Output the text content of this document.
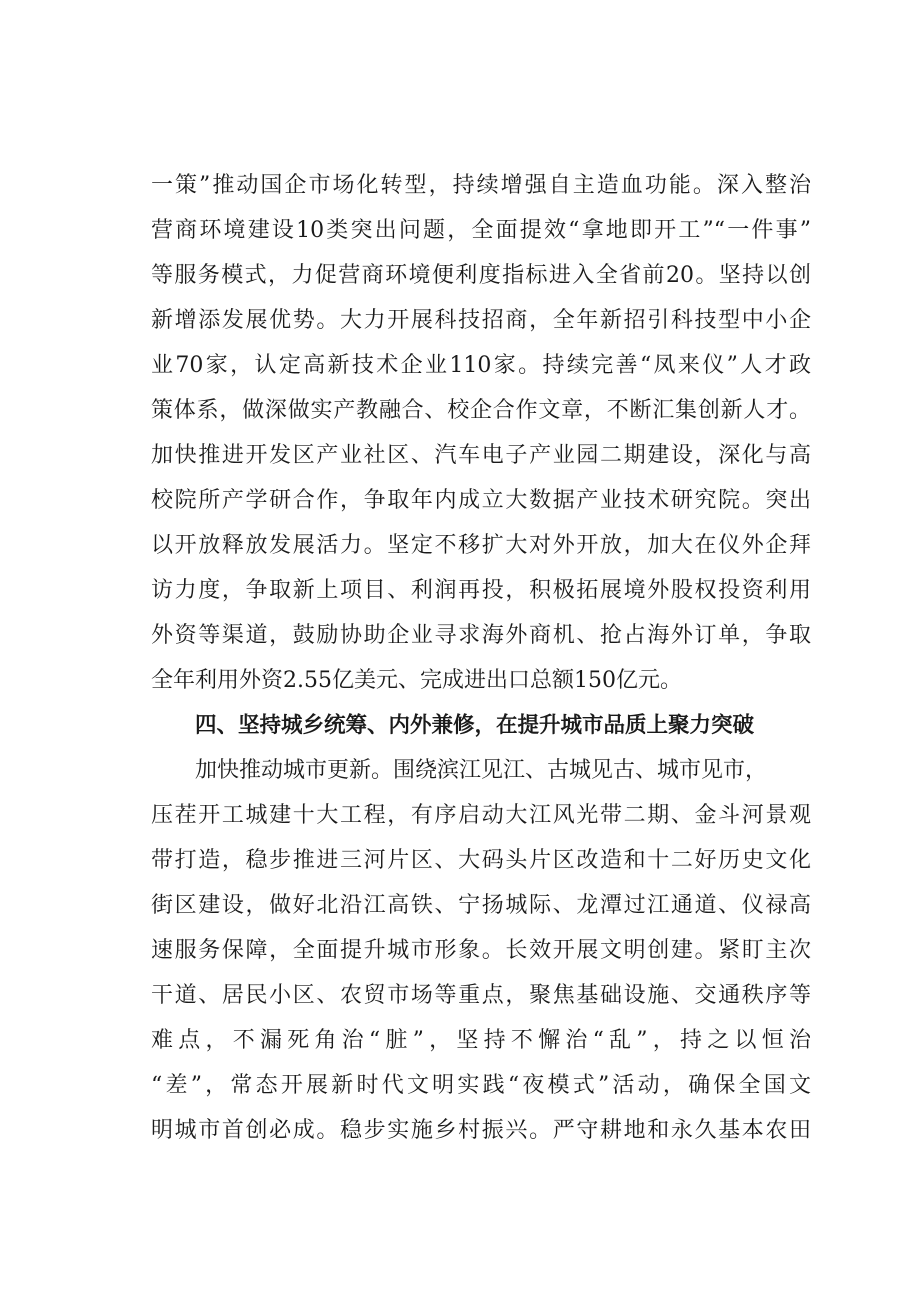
一策”推动国企市场化转型，持续增强自主造血功能。深入整治
营商环境建设10类突出问题，全面提效“拿地即开工”“一件事”
等服务模式，力促营商环境便利度指标进入全省前20。坚持以创
新增添发展优势。大力开展科技招商，全年新招引科技型中小企
业70家，认定高新技术企业110家。持续完善“凤来仪”人才政
策体系，做深做实产教融合、校企合作文章，不断汇集创新人才。
加快推进开发区产业社区、汽车电子产业园二期建设，深化与高
校院所产学研合作，争取年内成立大数据产业技术研究院。突出
以开放释放发展活力。坚定不移扩大对外开放，加大在仪外企拜
访力度，争取新上项目、利润再投，积极拓展境外股权投资利用
外资等渠道，鼓励协助企业寻求海外商机、抢占海外订单，争取
全年利用外资2.55亿美元、完成进出口总额150亿元。
四、坚持城乡统筹、内外兼修，在提升城市品质上聚力突破
加快推动城市更新。围绕滨江见江、古城见古、城市见市，
压茬开工城建十大工程，有序启动大江风光带二期、金斗河景观
带打造，稳步推进三河片区、大码头片区改造和十二好历史文化
街区建设，做好北沿江高铁、宁扬城际、龙潭过江通道、仪禄高
速服务保障，全面提升城市形象。长效开展文明创建。紧盯主次
干道、居民小区、农贸市场等重点，聚焦基础设施、交通秩序等
难点，不漏死角治“脏”，坚持不懈治“乱”，持之以恒治
“差”，常态开展新时代文明实践“夜模式”活动，确保全国文
明城市首创必成。稳步实施乡村振兴。严守耕地和永久基本农田
